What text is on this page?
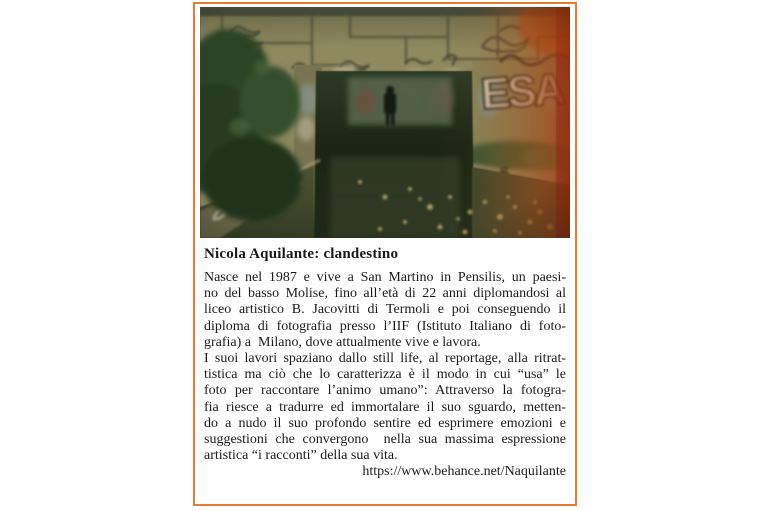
Nicola Aquilante: clandestino
Nasce nel 1987 e vive a San Martino in Pensilis, un paesi-
no del basso Molise, fino all’età di 22 anni diplomandosi al
liceo artistico B. Jacovitti di Termoli e poi conseguendo il
diploma di fotografia presso l’IIF (Istituto Italiano di foto-
grafia) a  Milano, dove attualmente vive e lavora.
I suoi lavori spaziano dallo still life, al reportage, alla ritrat-
tistica ma ciò che lo caratterizza è il modo in cui “usa” le
foto per raccontare l’animo umano”: Attraverso la fotogra-
fia riesce a tradurre ed immortalare il suo sguardo, metten-
do a nudo il suo profondo sentire ed esprimere emozioni e
suggestioni che convergono  nella sua massima espressione
artistica “i racconti” della sua vita.
https://www.behance.net/Naquilante
